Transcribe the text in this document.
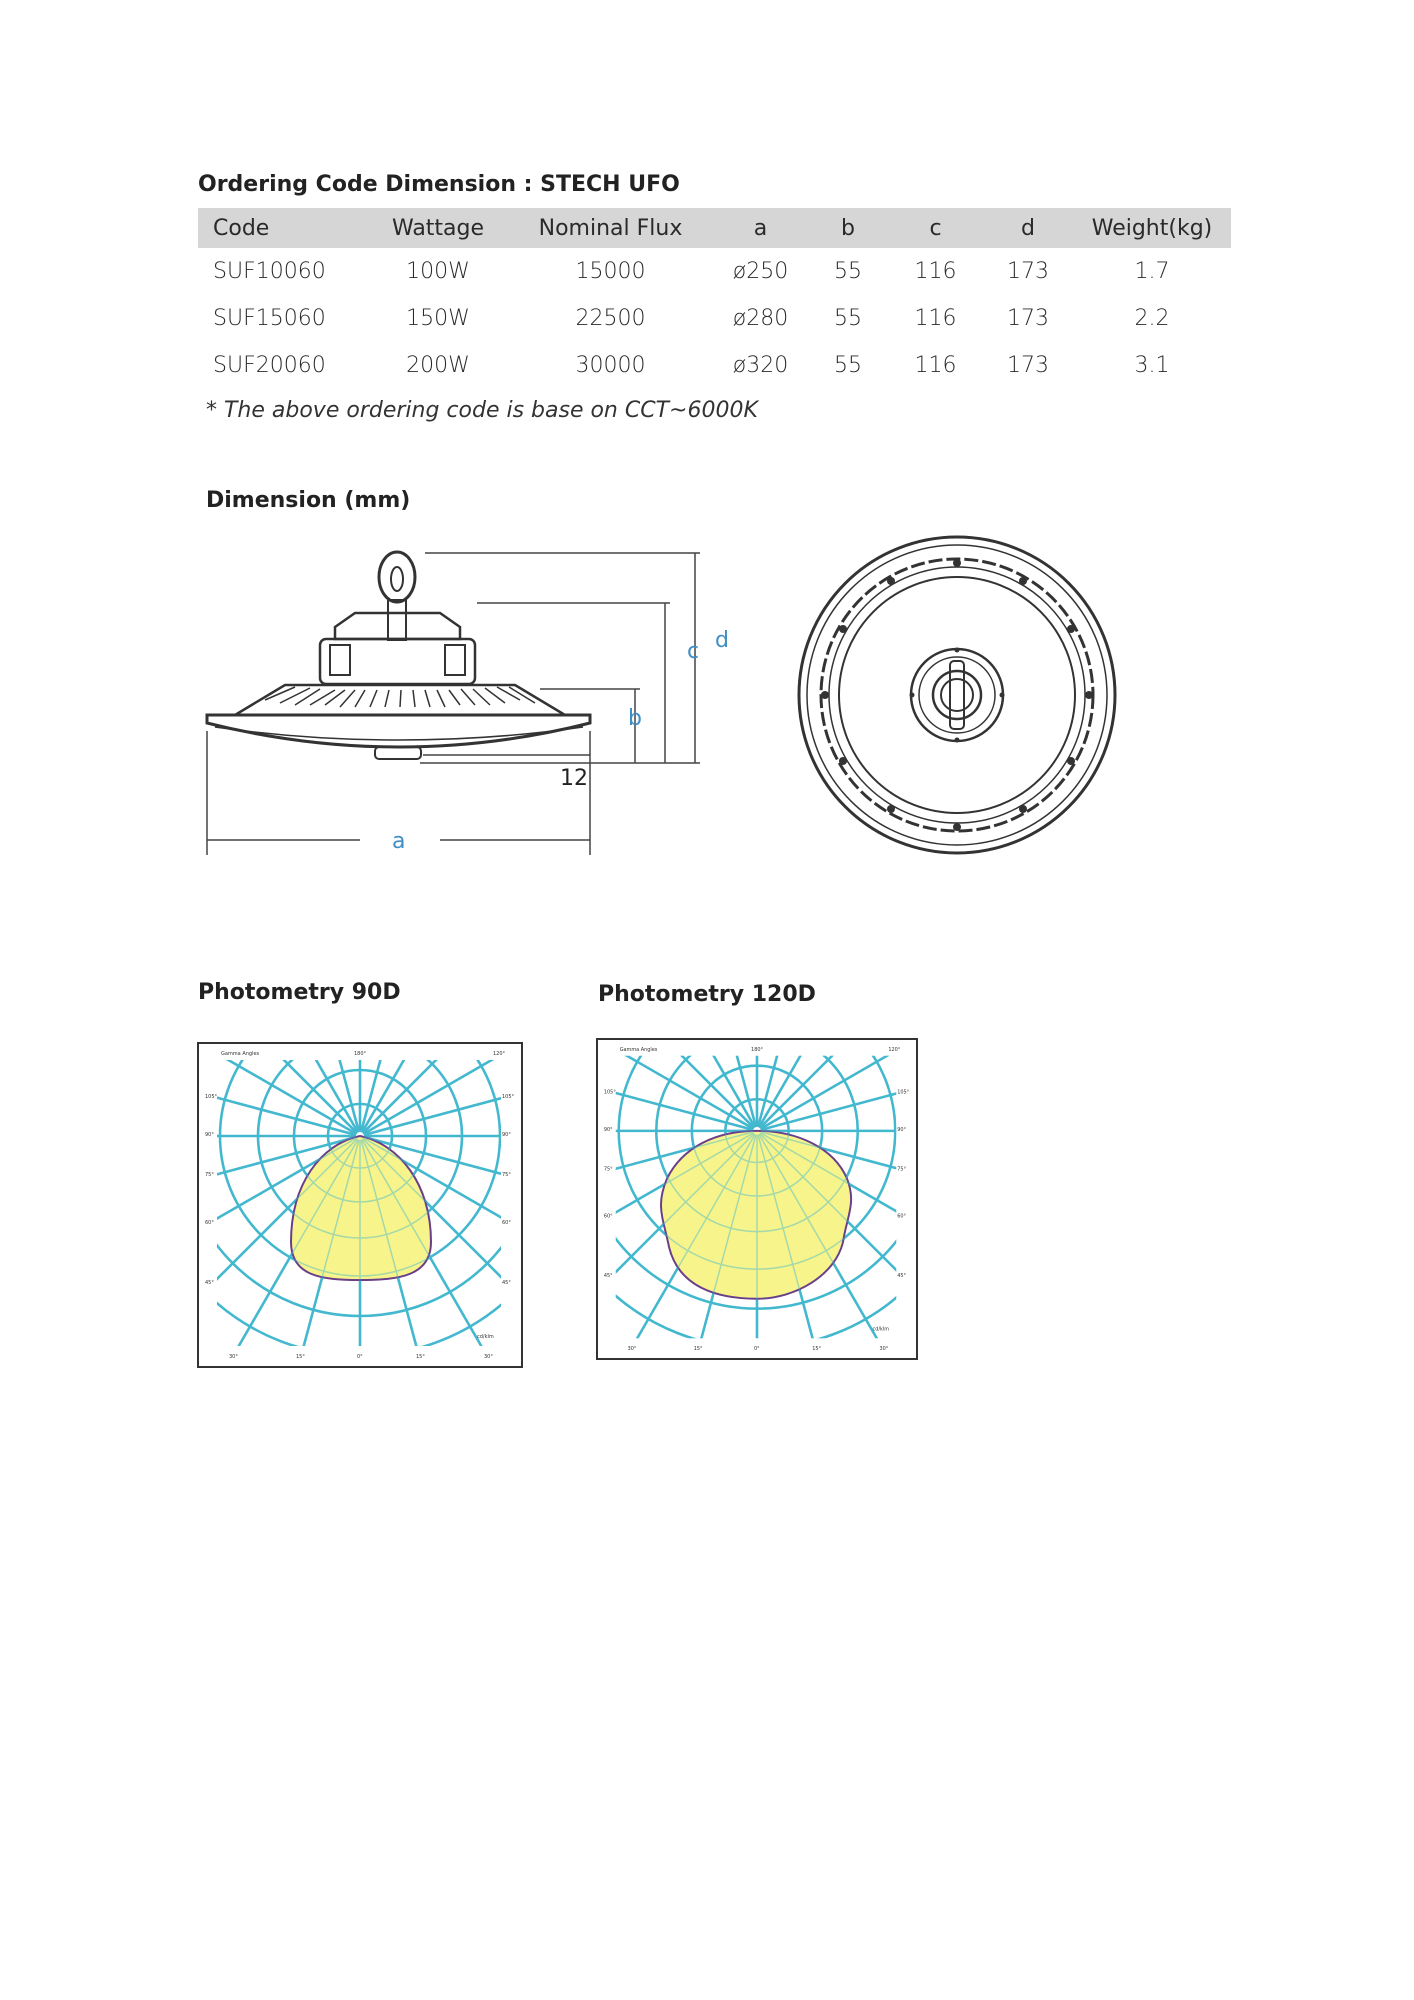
Ordering Code Dimension : STECH UFO
Code	Wattage	Nominal Flux	a	b	c	d	Weight(kg)
SUF10060	100W	15000	ø250	55	116	173	1.7
SUF15060	150W	22500	ø280	55	116	173	2.2
SUF20060	200W	30000	ø320	55	116	173	3.1
* The above ordering code is base on CCT~6000K
Dimension (mm)
c d
b
12
a
Photometry 90D	Photometry 120D
Gamma Angles	180°	120°
105°
90°
75°
60°
45°
105°
90°
75°
60°
45°
30°	15°	0°	15°	30°
cd/klm
Gamma Angles	180°	120°
105°
90°
75°
60°
45°
105°
90°
75°
60°
45°
30°	15°	0°	15°	30°
cd/klm
